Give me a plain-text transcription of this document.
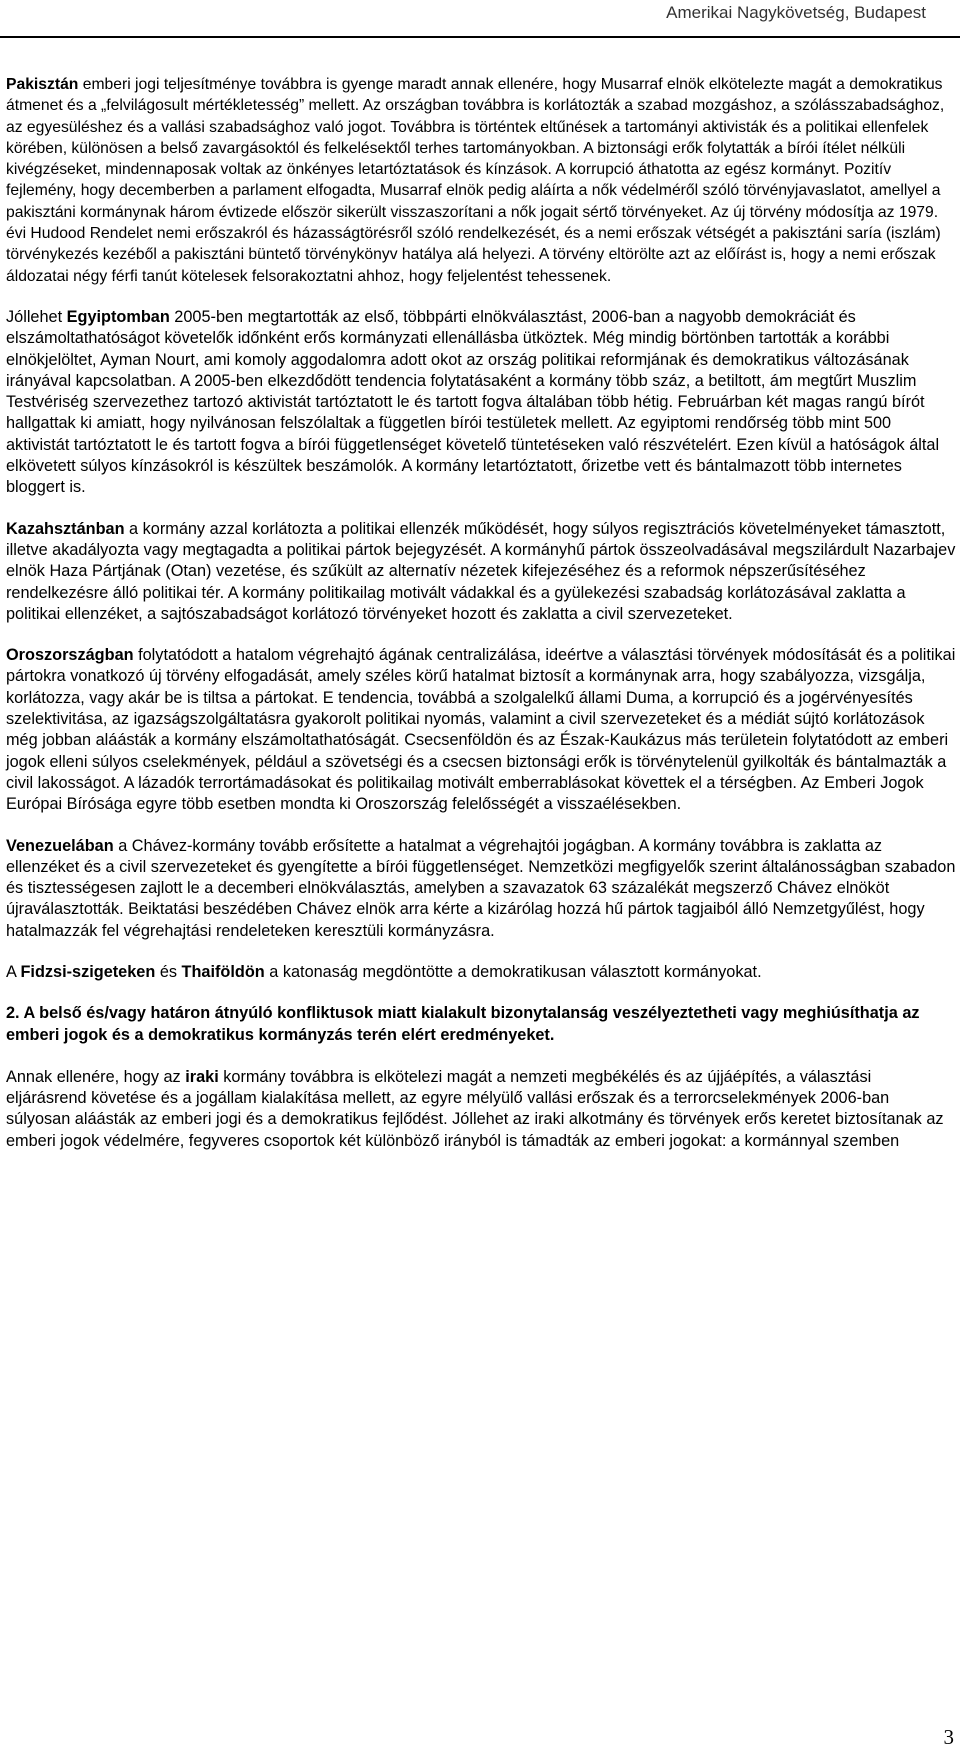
Amerikai Nagykövetség, Budapest

Pakisztán emberi jogi teljesítménye továbbra is gyenge maradt annak ellenére, hogy Musarraf elnök elkötelezte magát a demokratikus átmenet és a „felvilágosult mértékletesség” mellett. Az országban továbbra is korlátozták a szabad mozgáshoz, a szólásszabadsághoz, az egyesüléshez és a vallási szabadsághoz való jogot. Továbbra is történtek eltűnések a tartományi aktivisták és a politikai ellenfelek körében, különösen a belső zavargásoktól és felkelésektől terhes tartományokban. A biztonsági erők folytatták a bírói ítélet nélküli kivégzéseket, mindennaposak voltak az önkényes letartóztatások és kínzások. A korrupció áthatotta az egész kormányt. Pozitív fejlemény, hogy decemberben a parlament elfogadta, Musarraf elnök pedig aláírta a nők védelméről szóló törvényjavaslatot, amellyel a pakisztáni kormánynak három évtizede először sikerült visszaszorítani a nők jogait sértő törvényeket. Az új törvény módosítja az 1979. évi Hudood Rendelet nemi erőszakról és házasságtörésről szóló rendelkezését, és a nemi erőszak vétségét a pakisztáni saría (iszlám) törvénykezés kezéből a pakisztáni büntető törvénykönyv hatálya alá helyezi. A törvény eltörölte azt az előírást is, hogy a nemi erőszak áldozatai négy férfi tanút kötelesek felsorakoztatni ahhoz, hogy feljelentést tehessenek.

Jóllehet Egyiptomban 2005-ben megtartották az első, többpárti elnökválasztást, 2006-ban a nagyobb demokráciát és elszámoltathatóságot követelők időnként erős kormányzati ellenállásba ütköztek. Még mindig börtönben tartották a korábbi elnökjelöltet, Ayman Nourt, ami komoly aggodalomra adott okot az ország politikai reformjának és demokratikus változásának irányával kapcsolatban. A 2005-ben elkezdődött tendencia folytatásaként a kormány több száz, a betiltott, ám megtűrt Muszlim Testvériség szervezethez tartozó aktivistát tartóztatott le és tartott fogva általában több hétig. Februárban két magas rangú bírót hallgattak ki amiatt, hogy nyilvánosan felszólaltak a független bírói testületek mellett. Az egyiptomi rendőrség több mint 500 aktivistát tartóztatott le és tartott fogva a bírói függetlenséget követelő tüntetéseken való részvételért. Ezen kívül a hatóságok által elkövetett súlyos kínzásokról is készültek beszámolók. A kormány letartóztatott, őrizetbe vett és bántalmazott több internetes bloggert is.

Kazahsztánban a kormány azzal korlátozta a politikai ellenzék működését, hogy súlyos regisztrációs követelményeket támasztott, illetve akadályozta vagy megtagadta a politikai pártok bejegyzését. A kormányhű pártok összeolvadásával megszilárdult Nazarbajev elnök Haza Pártjának (Otan) vezetése, és szűkült az alternatív nézetek kifejezéséhez és a reformok népszerűsítéséhez rendelkezésre álló politikai tér. A kormány politikailag motivált vádakkal és a gyülekezési szabadság korlátozásával zaklatta a politikai ellenzéket, a sajtószabadságot korlátozó törvényeket hozott és zaklatta a civil szervezeteket.

Oroszországban folytatódott a hatalom végrehajtó ágának centralizálása, ideértve a választási törvények módosítását és a politikai pártokra vonatkozó új törvény elfogadását, amely széles körű hatalmat biztosít a kormánynak arra, hogy szabályozza, vizsgálja, korlátozza, vagy akár be is tiltsa a pártokat. E tendencia, továbbá a szolgalelkű állami Duma, a korrupció és a jogérvényesítés szelektivitása, az igazságszolgáltatásra gyakorolt politikai nyomás, valamint a civil szervezeteket és a médiát sújtó korlátozások még jobban aláásták a kormány elszámoltathatóságát. Csecsenföldön és az Észak-Kaukázus más területein folytatódott az emberi jogok elleni súlyos cselekmények, például a szövetségi és a csecsen biztonsági erők is törvénytelenül gyilkolták és bántalmazták a civil lakosságot. A lázadók terrortámadásokat és politikailag motivált emberrablásokat követtek el a térségben. Az Emberi Jogok Európai Bírósága egyre több esetben mondta ki Oroszország felelősségét a visszaélésekben.

Venezuelában a Chávez-kormány tovább erősítette a hatalmat a végrehajtói jogágban. A kormány továbbra is zaklatta az ellenzéket és a civil szervezeteket és gyengítette a bírói függetlenséget. Nemzetközi megfigyelők szerint általánosságban szabadon és tisztességesen zajlott le a decemberi elnökválasztás, amelyben a szavazatok 63 százalékát megszerző Chávez elnököt újraválasztották. Beiktatási beszédében Chávez elnök arra kérte a kizárólag hozzá hű pártok tagjaiból álló Nemzetgyűlést, hogy hatalmazzák fel végrehajtási rendeleteken keresztüli kormányzásra.

A Fidzsi-szigeteken és Thaiföldön a katonaság megdöntötte a demokratikusan választott kormányokat.

2. A belső és/vagy határon átnyúló konfliktusok miatt kialakult bizonytalanság veszélyeztetheti vagy meghiúsíthatja az emberi jogok és a demokratikus kormányzás terén elért eredményeket.

Annak ellenére, hogy az iraki kormány továbbra is elkötelezi magát a nemzeti megbékélés és az újjáépítés, a választási eljárásrend követése és a jogállam kialakítása mellett, az egyre mélyülő vallási erőszak és a terrorcselekmények 2006-ban súlyosan aláásták az emberi jogi és a demokratikus fejlődést. Jóllehet az iraki alkotmány és törvények erős keretet biztosítanak az emberi jogok védelmére, fegyveres csoportok két különböző irányból is támadták az emberi jogokat: a kormánnyal szemben

3
